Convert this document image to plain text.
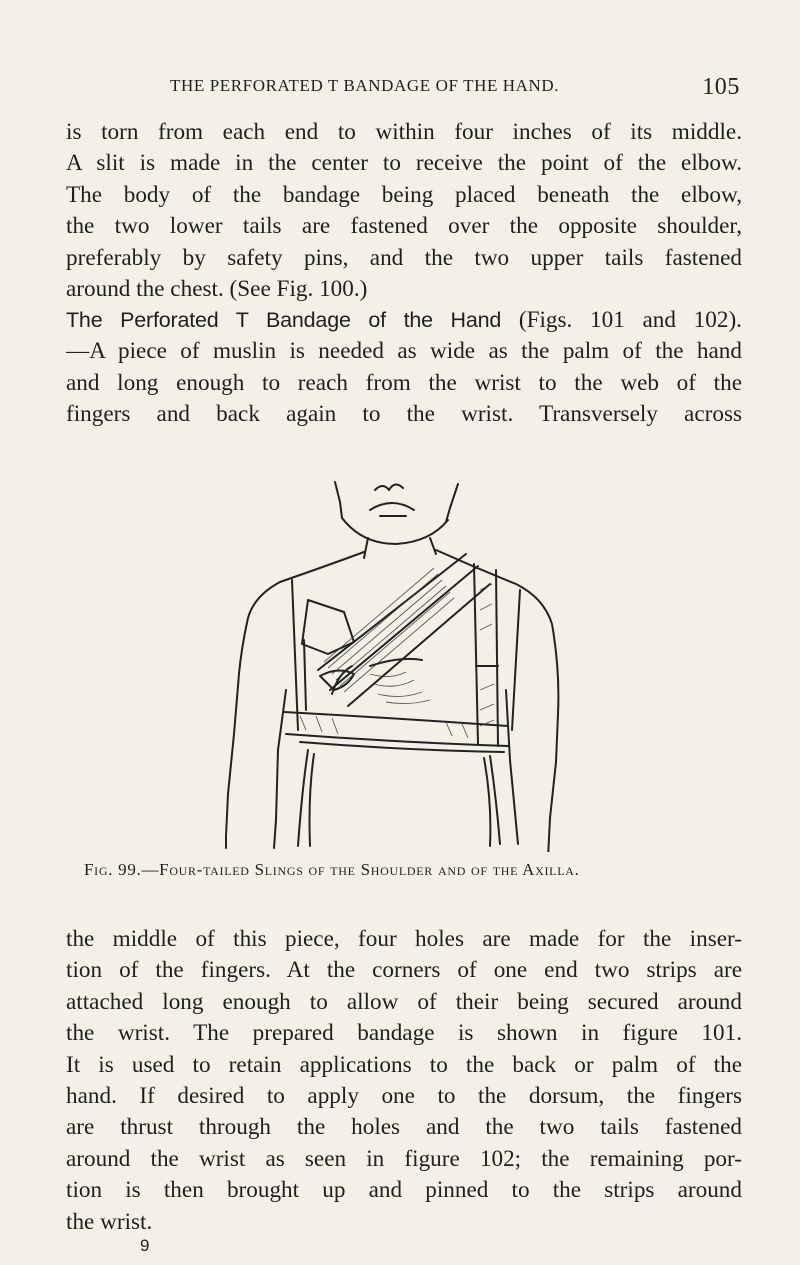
THE PERFORATED T BANDAGE OF THE HAND.	105
is torn from each end to within four inches of its middle.
A slit is made in the center to receive the point of the elbow.
The body of the bandage being placed beneath the elbow,
the two lower tails are fastened over the opposite shoulder,
preferably by safety pins, and the two upper tails fastened
around the chest. (See Fig. 100.)
The Perforated T Bandage of the Hand (Figs. 101 and 102).
—A piece of muslin is needed as wide as the palm of the hand
and long enough to reach from the wrist to the web of the
fingers and back again to the wrist. Transversely across
Fig. 99.—Four-tailed Slings of the Shoulder and of the Axilla.
the middle of this piece, four holes are made for the inser-
tion of the fingers. At the corners of one end two strips are
attached long enough to allow of their being secured around
the wrist. The prepared bandage is shown in figure 101.
It is used to retain applications to the back or palm of the
hand. If desired to apply one to the dorsum, the fingers
are thrust through the holes and the two tails fastened
around the wrist as seen in figure 102; the remaining por-
tion is then brought up and pinned to the strips around
the wrist.
9
